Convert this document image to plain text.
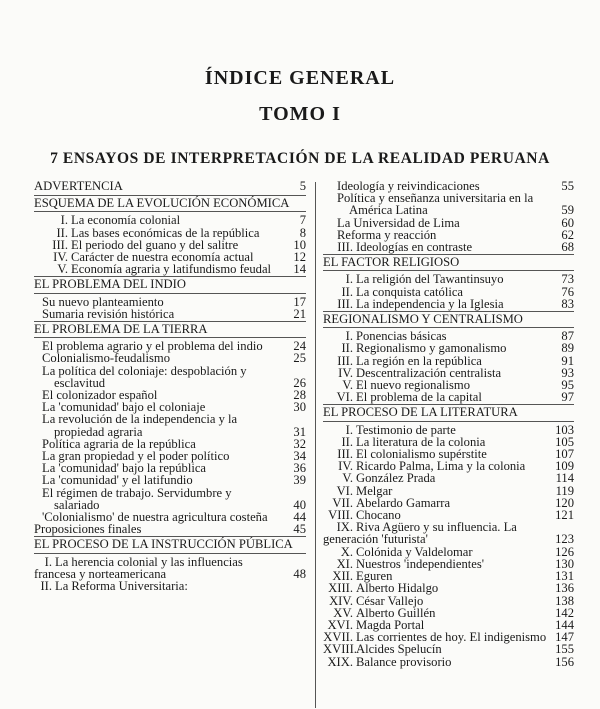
ÍNDICE GENERAL
TOMO I
7 ENSAYOS DE INTERPRETACIÓN DE LA REALIDAD PERUANA
ADVERTENCIA	5
ESQUEMA DE LA EVOLUCIÓN ECONÓMICA
I. La economía colonial	7
II. Las bases económicas de la república	8
III. El periodo del guano y del salitre	10
IV. Carácter de nuestra economía actual	12
V. Economía agraria y latifundismo feudal	14
EL PROBLEMA DEL INDIO
Su nuevo planteamiento	17
Sumaria revisión histórica	21
EL PROBLEMA DE LA TIERRA
El problema agrario y el problema del indio	24
Colonialismo-feudalismo	25
La política del coloniaje: despoblación y esclavitud	26
El colonizador español	28
La 'comunidad' bajo el coloniaje	30
La revolución de la independencia y la propiedad agraria	31
Política agraria de la república	32
La gran propiedad y el poder político	34
La 'comunidad' bajo la república	36
La 'comunidad' y el latifundio	39
El régimen de trabajo. Servidumbre y salariado	40
'Colonialismo' de nuestra agricultura costeña	44
Proposiciones finales	45
EL PROCESO DE LA INSTRUCCIÓN PÚBLICA
I. La herencia colonial y las influencias francesa y norteamericana	48
II. La Reforma Universitaria:
Ideología y reivindicaciones	55
Política y enseñanza universitaria en la América Latina	59
La Universidad de Lima	60
Reforma y reacción	62
III. Ideologías en contraste	68
EL FACTOR RELIGIOSO
I. La religión del Tawantinsuyo	73
II. La conquista católica	76
III. La independencia y la Iglesia	83
REGIONALISMO Y CENTRALISMO
I. Ponencias básicas	87
II. Regionalismo y gamonalismo	89
III. La región en la república	91
IV. Descentralización centralista	93
V. El nuevo regionalismo	95
VI. El problema de la capital	97
EL PROCESO DE LA LITERATURA
I. Testimonio de parte	103
II. La literatura de la colonia	105
III. El colonialismo supérstite	107
IV. Ricardo Palma, Lima y la colonia	109
V. González Prada	114
VI. Melgar	119
VII. Abelardo Gamarra	120
VIII. Chocano	121
IX. Riva Agüero y su influencia. La generación 'futurista'	123
X. Colónida y Valdelomar	126
XI. Nuestros 'independientes'	130
XII. Eguren	131
XIII. Alberto Hidalgo	136
XIV. César Vallejo	138
XV. Alberto Guillén	142
XVI. Magda Portal	144
XVII. Las corrientes de hoy. El indigenismo 147
XVIII.Alcides Spelucín	155
XIX. Balance provisorio	156
